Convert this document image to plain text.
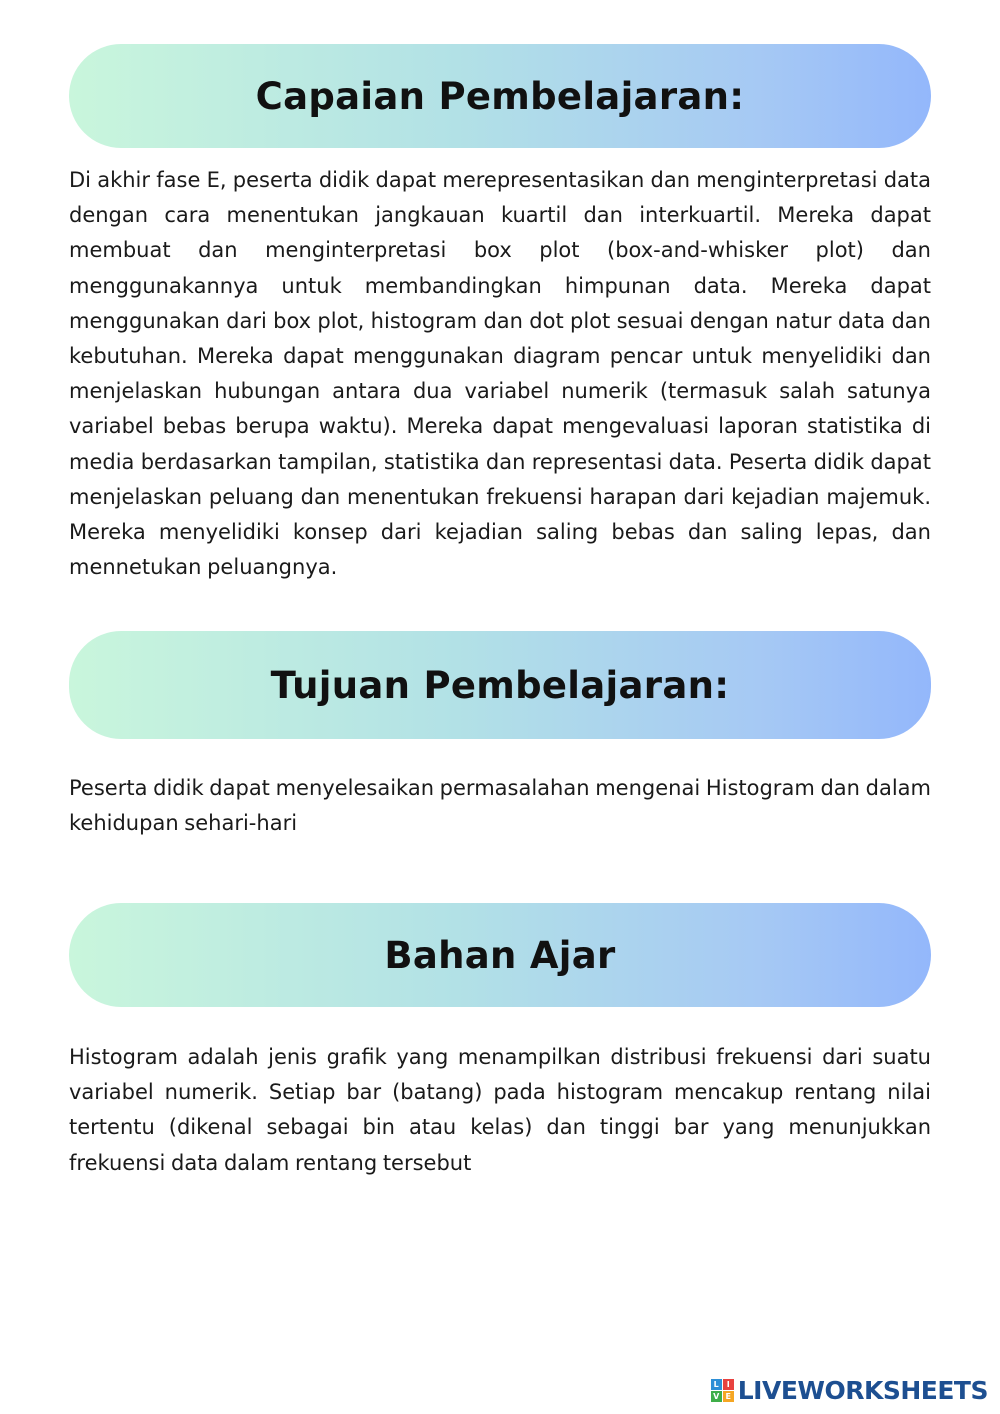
Capaian Pembelajaran:

Di akhir fase E, peserta didik dapat merepresentasikan dan menginterpretasi data dengan cara menentukan jangkauan kuartil dan interkuartil. Mereka dapat membuat dan menginterpretasi box plot (box-and-whisker plot) dan menggunakannya untuk membandingkan himpunan data. Mereka dapat menggunakan dari box plot, histogram dan dot plot sesuai dengan natur data dan kebutuhan. Mereka dapat menggunakan diagram pencar untuk menyelidiki dan menjelaskan hubungan antara dua variabel numerik (termasuk salah satunya variabel bebas berupa waktu). Mereka dapat mengevaluasi laporan statistika di media berdasarkan tampilan, statistika dan representasi data. Peserta didik dapat menjelaskan peluang dan menentukan frekuensi harapan dari kejadian majemuk. Mereka menyelidiki konsep dari kejadian saling bebas dan saling lepas, dan mennetukan peluangnya.

Tujuan Pembelajaran:

Peserta didik dapat menyelesaikan permasalahan mengenai Histogram dan dalam kehidupan sehari-hari

Bahan Ajar

Histogram adalah jenis grafik yang menampilkan distribusi frekuensi dari suatu variabel numerik. Setiap bar (batang) pada histogram mencakup rentang nilai tertentu (dikenal sebagai bin atau kelas) dan tinggi bar yang menunjukkan frekuensi data dalam rentang tersebut

L I
V E LIVEWORKSHEETS
